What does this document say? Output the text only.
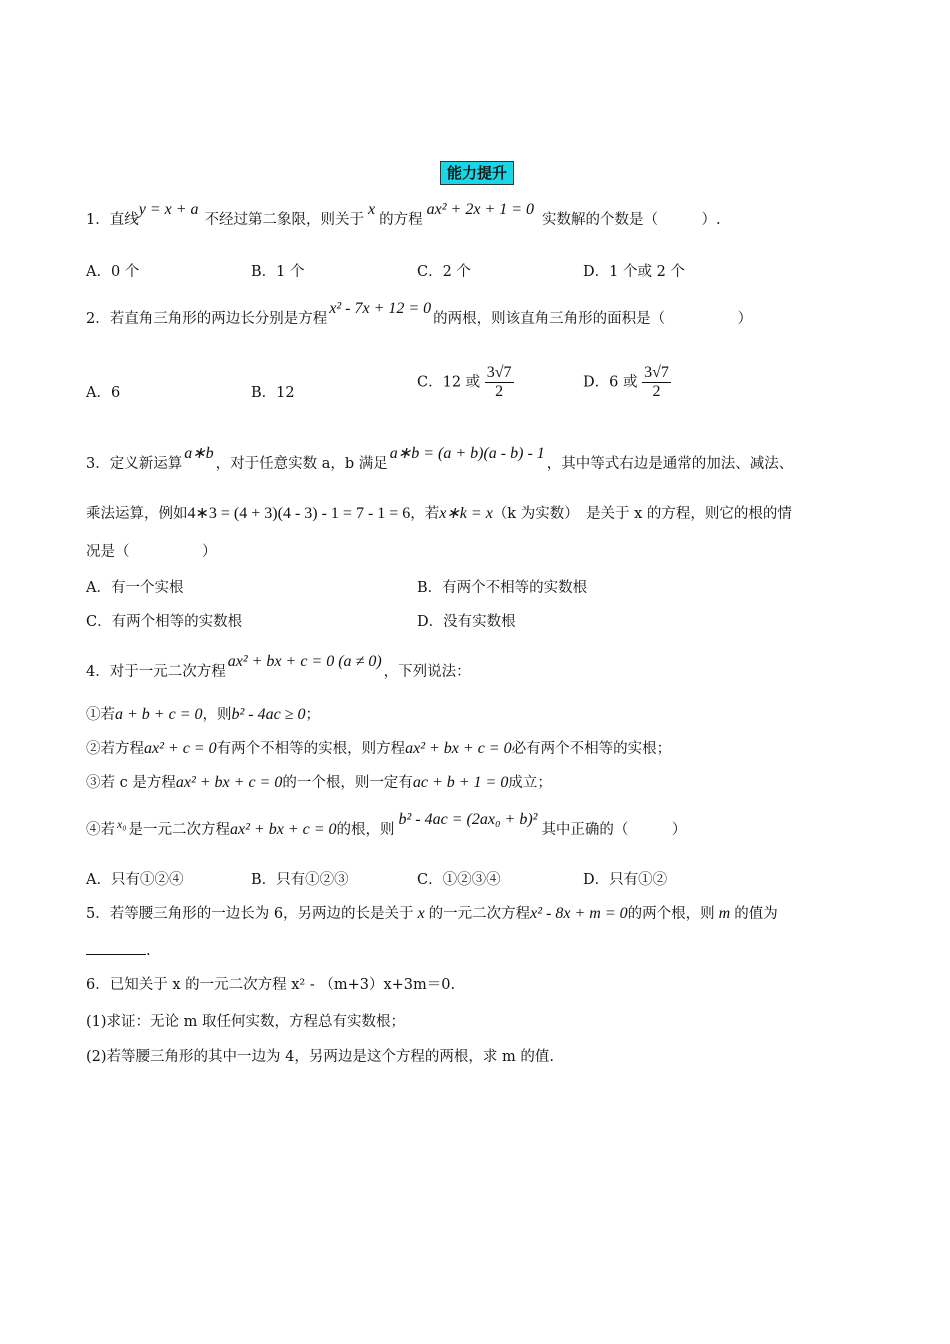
能力提升
1．直线y = x + a不经过第二象限，则关于x的方程ax² + 2x + 1 = 0实数解的个数是（　　　）.
A．0 个	B．1 个	C．2 个	D．1 个或 2 个
2．若直角三角形的两边长分别是方程x² - 7x + 12 = 0的两根，则该直角三角形的面积是（　　　　　）
A．6	B．12
C．12 或 $\frac{3√7}{2}$	D．6 或 $\frac{3√7}{2}$
3．定义新运算a∗b，对于任意实数 a，b 满足a∗b = (a + b)(a - b) - 1，其中等式右边是通常的加法、减法、
乘法运算，例如4∗3 = (4 + 3)(4 - 3) - 1 = 7 - 1 = 6，若x∗k = x（k 为实数）　是关于 x 的方程，则它的根的情
况是（　　　　　）
A．有一个实根	B．有两个不相等的实数根
C．有两个相等的实数根	D．没有实数根
4．对于一元二次方程ax² + bx + c = 0 (a ≠ 0)，下列说法：
①若a + b + c = 0，则b² - 4ac ≥ 0；
②若方程ax² + c = 0有两个不相等的实根，则方程ax² + bx + c = 0必有两个不相等的实根；
③若 c 是方程ax² + bx + c = 0的一个根，则一定有ac + b + 1 = 0成立；
④若 $^{x_0}$ 是一元二次方程ax² + bx + c = 0的根，则b² - 4ac = (2ax₀ + b)²其中正确的（　　　）
A．只有①②④	B．只有①②③	C．①②③④	D．只有①②
5．若等腰三角形的一边长为 6，另两边的长是关于 x 的一元二次方程x² - 8x + m = 0的两个根，则 m 的值为
.
6．已知关于 x 的一元二次方程 x² - （m+3）x+3m＝0.
(1)求证：无论 m 取任何实数，方程总有实数根；
(2)若等腰三角形的其中一边为 4，另两边是这个方程的两根，求 m 的值.
